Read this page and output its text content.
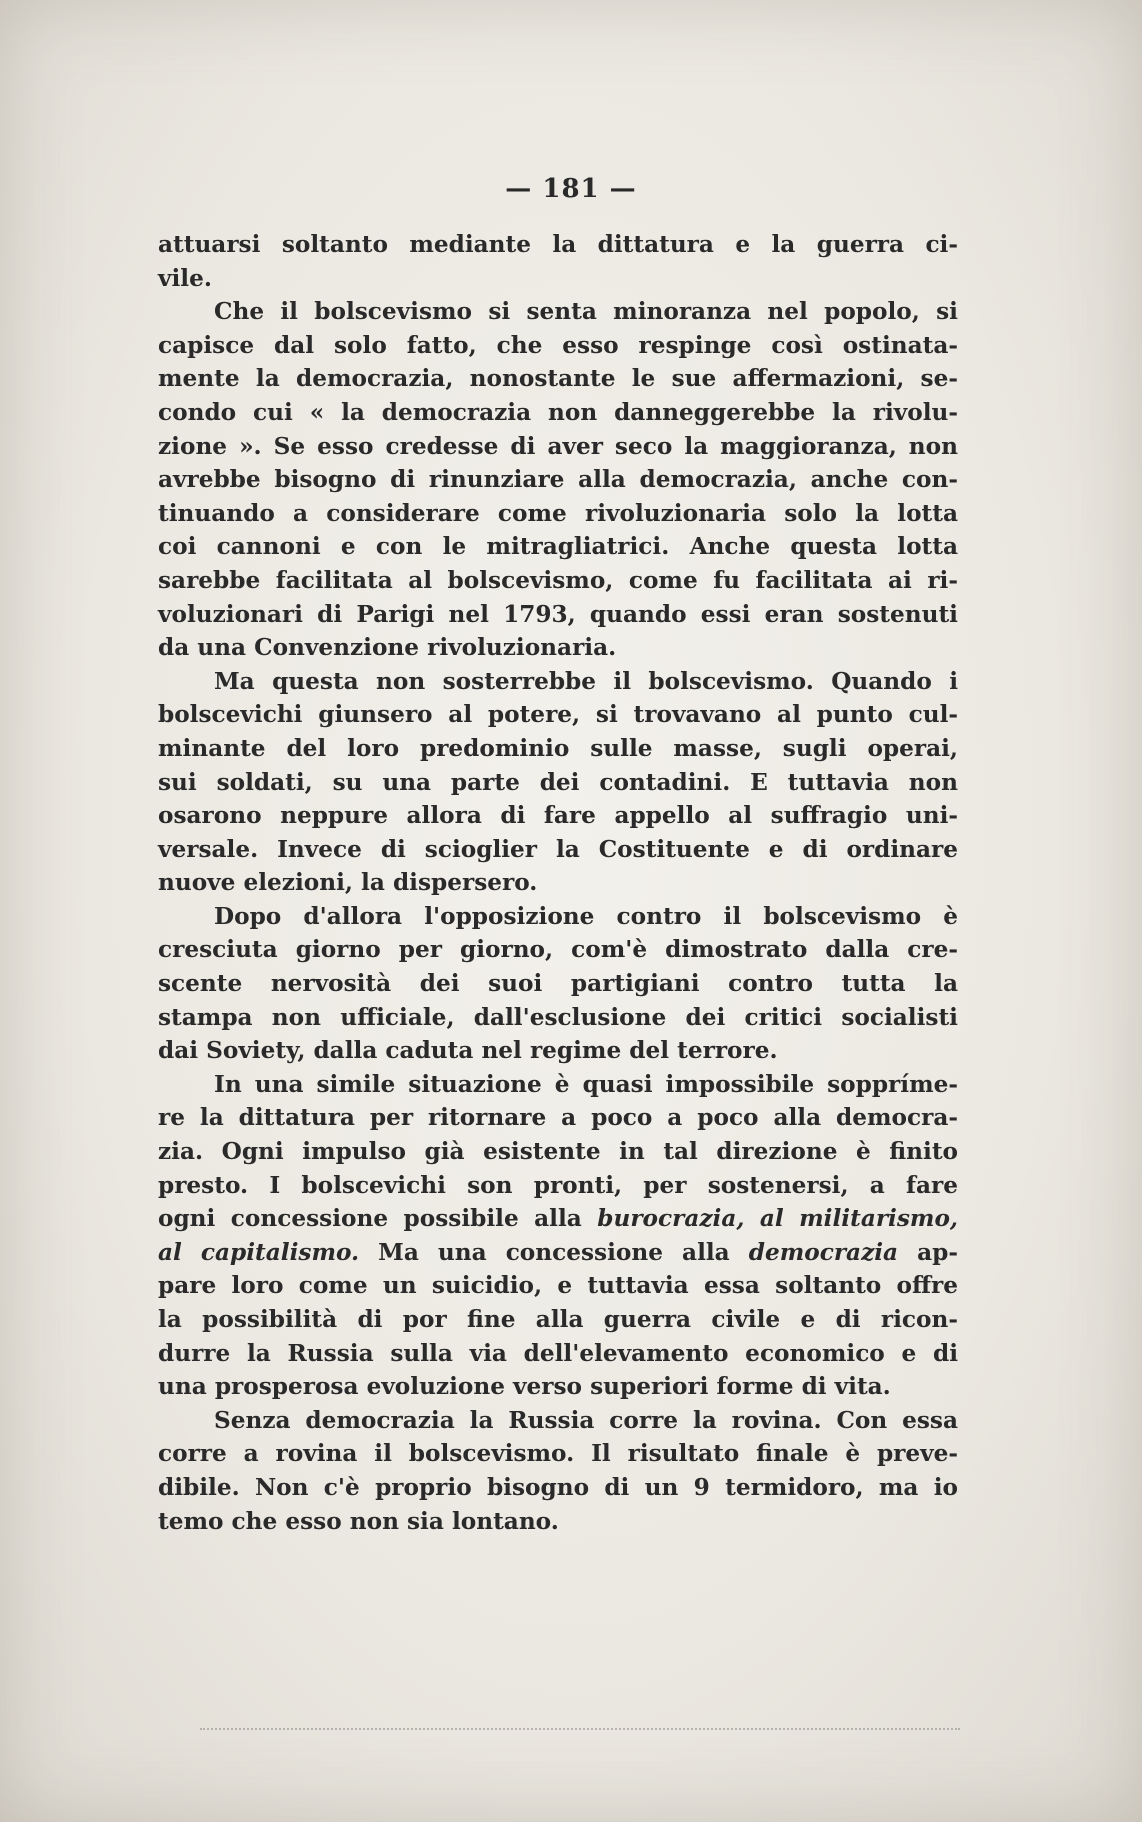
— 181 —
attuarsi soltanto mediante la dittatura e la guerra ci-
vile.
Che il bolscevismo si senta minoranza nel popolo, si
capisce dal solo fatto, che esso respinge così ostinata-
mente la democrazia, nonostante le sue affermazioni, se-
condo cui « la democrazia non danneggerebbe la rivolu-
zione ». Se esso credesse di aver seco la maggioranza, non
avrebbe bisogno di rinunziare alla democrazia, anche con-
tinuando a considerare come rivoluzionaria solo la lotta
coi cannoni e con le mitragliatrici. Anche questa lotta
sarebbe facilitata al bolscevismo, come fu facilitata ai ri-
voluzionari di Parigi nel 1793, quando essi eran sostenuti
da una Convenzione rivoluzionaria.
Ma questa non sosterrebbe il bolscevismo. Quando i
bolscevichi giunsero al potere, si trovavano al punto cul-
minante del loro predominio sulle masse, sugli operai,
sui soldati, su una parte dei contadini. E tuttavia non
osarono neppure allora di fare appello al suffragio uni-
versale. Invece di scioglier la Costituente e di ordinare
nuove elezioni, la dispersero.
Dopo d'allora l'opposizione contro il bolscevismo è
cresciuta giorno per giorno, com'è dimostrato dalla cre-
scente nervosità dei suoi partigiani contro tutta la
stampa non ufficiale, dall'esclusione dei critici socialisti
dai Soviety, dalla caduta nel regime del terrore.
In una simile situazione è quasi impossibile soppríme-
re la dittatura per ritornare a poco a poco alla democra-
zia. Ogni impulso già esistente in tal direzione è finito
presto. I bolscevichi son pronti, per sostenersi, a fare
ogni concessione possibile alla burocrazia, al militarismo,
al capitalismo. Ma una concessione alla democrazia ap-
pare loro come un suicidio, e tuttavia essa soltanto offre
la possibilità di por fine alla guerra civile e di ricon-
durre la Russia sulla via dell'elevamento economico e di
una prosperosa evoluzione verso superiori forme di vita.
Senza democrazia la Russia corre la rovina. Con essa
corre a rovina il bolscevismo. Il risultato finale è preve-
dibile. Non c'è proprio bisogno di un 9 termidoro, ma io
temo che esso non sia lontano.
